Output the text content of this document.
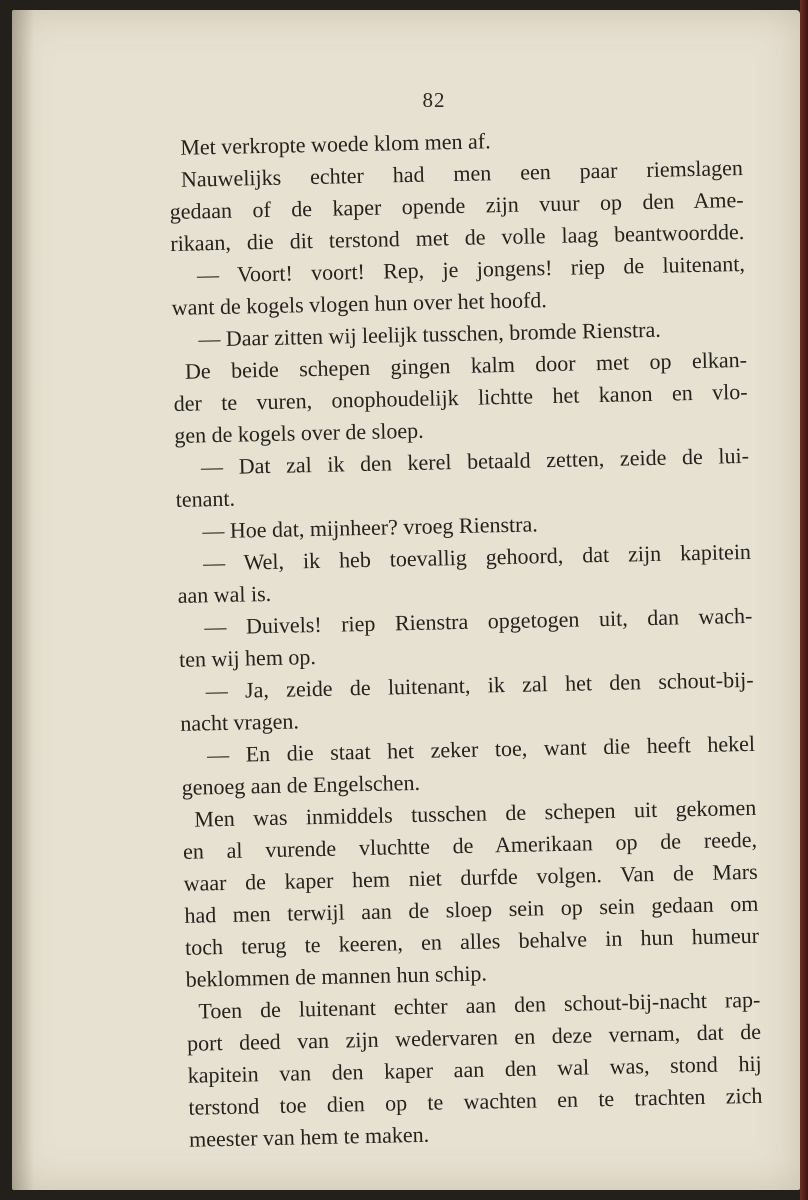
82
Met verkropte woede klom men af.
Nauwelijks echter had men een paar riemslagen
gedaan of de kaper opende zijn vuur op den Ame-
rikaan, die dit terstond met de volle laag beantwoordde.
— Voort! voort! Rep, je jongens! riep de luitenant,
want de kogels vlogen hun over het hoofd.
— Daar zitten wij leelijk tusschen, bromde Rienstra.
De beide schepen gingen kalm door met op elkan-
der te vuren, onophoudelijk lichtte het kanon en vlo-
gen de kogels over de sloep.
— Dat zal ik den kerel betaald zetten, zeide de lui-
tenant.
— Hoe dat, mijnheer? vroeg Rienstra.
— Wel, ik heb toevallig gehoord, dat zijn kapitein
aan wal is.
— Duivels! riep Rienstra opgetogen uit, dan wach-
ten wij hem op.
— Ja, zeide de luitenant, ik zal het den schout-bij-
nacht vragen.
— En die staat het zeker toe, want die heeft hekel
genoeg aan de Engelschen.
Men was inmiddels tusschen de schepen uit gekomen
en al vurende vluchtte de Amerikaan op de reede,
waar de kaper hem niet durfde volgen. Van de Mars
had men terwijl aan de sloep sein op sein gedaan om
toch terug te keeren, en alles behalve in hun humeur
beklommen de mannen hun schip.
Toen de luitenant echter aan den schout-bij-nacht rap-
port deed van zijn wedervaren en deze vernam, dat de
kapitein van den kaper aan den wal was, stond hij
terstond toe dien op te wachten en te trachten zich
meester van hem te maken.
